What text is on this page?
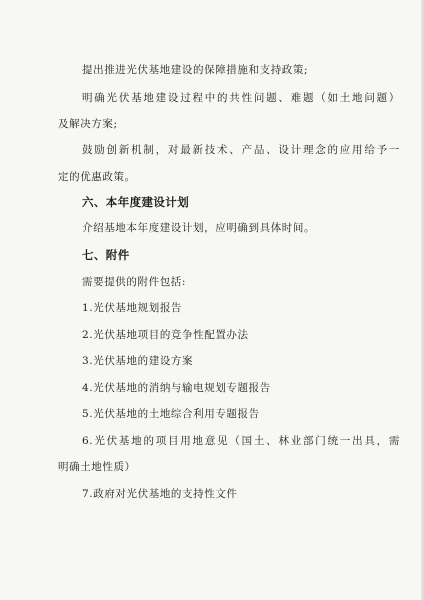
提出推进光伏基地建设的保障措施和支持政策;
明确光伏基地建设过程中的共性问题、难题（如土地问题）
及解决方案;
鼓励创新机制，对最新技术、产品、设计理念的应用给予一
定的优惠政策。
六、本年度建设计划
介绍基地本年度建设计划，应明确到具体时间。
七、附件
需要提供的附件包括:
1.光伏基地规划报告
2.光伏基地项目的竞争性配置办法
3.光伏基地的建设方案
4.光伏基地的消纳与输电规划专题报告
5.光伏基地的土地综合利用专题报告
6.光伏基地的项目用地意见（国土、林业部门统一出具，需
明确土地性质）
7.政府对光伏基地的支持性文件
